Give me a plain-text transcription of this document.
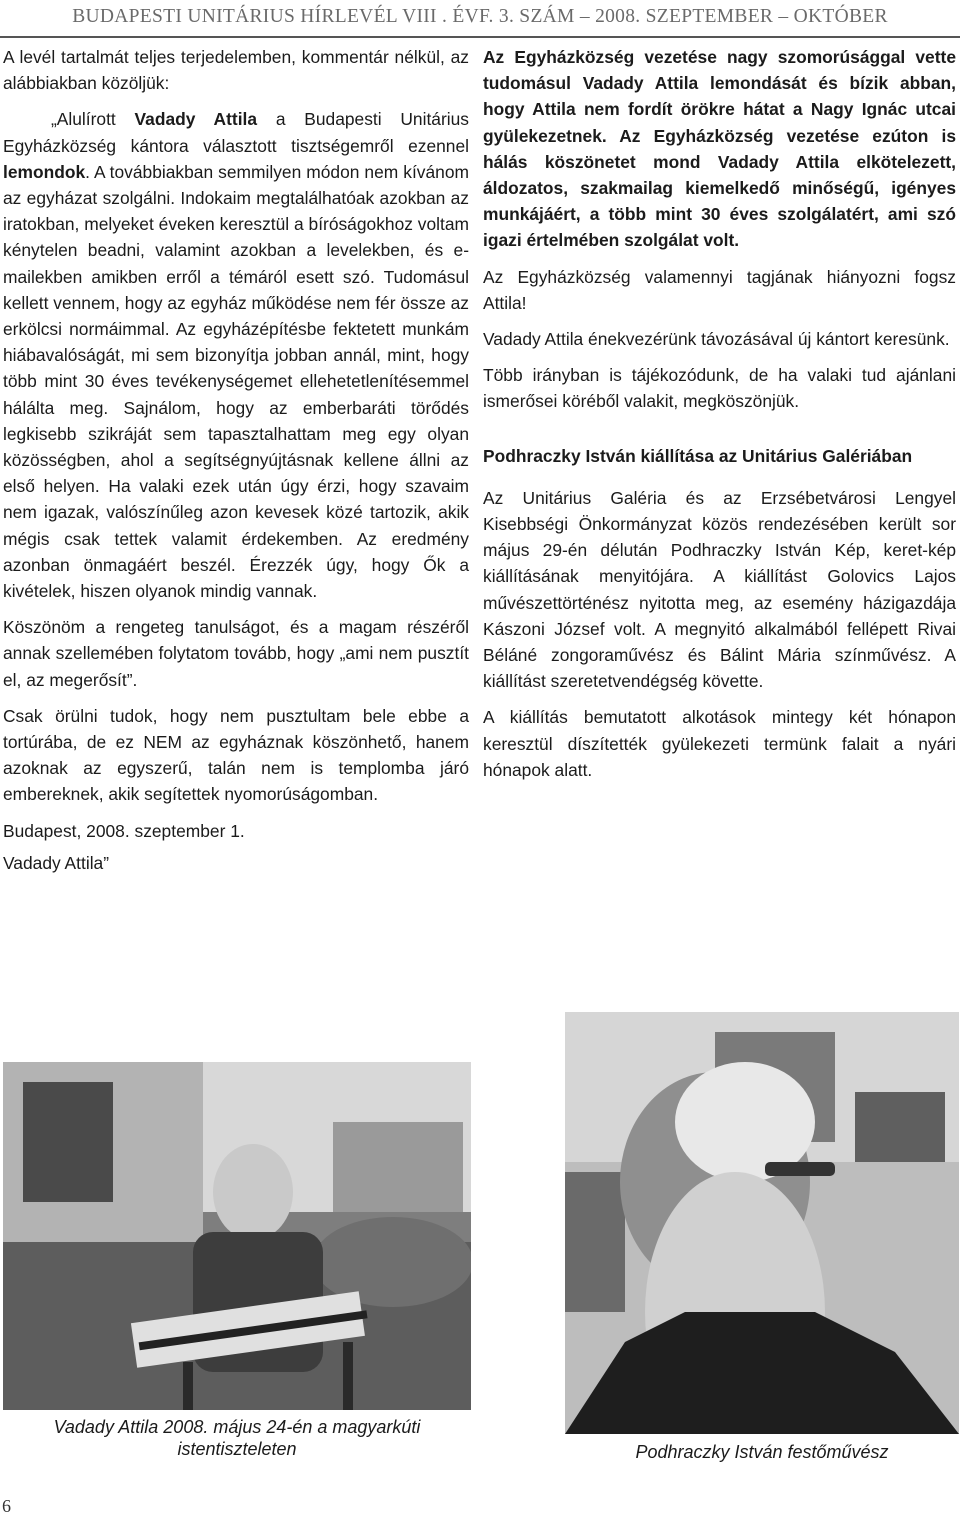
BUDAPESTI UNITÁRIUS HÍRLEVÉL VIII . ÉVF. 3. SZÁM – 2008. SZEPTEMBER – OKTÓBER

A levél tartalmát teljes terjedelemben, kommentár nélkül, az alábbiakban közöljük:

„Alulírott Vadady Attila a Budapesti Unitárius Egyházközség kántora választott tisztségemről ezennel lemondok. A továbbiakban semmilyen módon nem kívánom az egyházat szolgálni. Indokaim megtalálhatóak azokban az iratokban, melyeket éveken keresztül a bíróságokhoz voltam kénytelen beadni, valamint azokban a levelekben, és e-mailekben amikben erről a témáról esett szó. Tudomásul kellett vennem, hogy az egyház működése nem fér össze az erkölcsi normáimmal. Az egyházépítésbe fektetett munkám hiábavalóságát, mi sem bizonyítja jobban annál, mint, hogy több mint 30 éves tevékenységemet ellehetetlenítésemmel hálálta meg. Sajnálom, hogy az emberbaráti törődés legkisebb szikráját sem tapasztalhattam meg egy olyan közösségben, ahol a segítségnyújtásnak kellene állni az első helyen. Ha valaki ezek után úgy érzi, hogy szavaim nem igazak, valószínűleg azon kevesek közé tartozik, akik mégis csak tettek valamit érdekemben. Az eredmény azonban önmagáért beszél. Érezzék úgy, hogy Ők a kivételek, hiszen olyanok mindig vannak.

Köszönöm a rengeteg tanulságot, és a magam részéről annak szellemében folytatom tovább, hogy „ami nem pusztít el, az megerősít”.

Csak örülni tudok, hogy nem pusztultam bele ebbe a tortúrába, de ez NEM az egyháznak köszönhető, hanem azoknak az egyszerű, talán nem is templomba járó embereknek, akik segítettek nyomorúságomban.

Budapest, 2008. szeptember 1.

Vadady Attila”

Az Egyházközség vezetése nagy szomorúsággal vette tudomásul Vadady Attila lemondását és bízik abban, hogy Attila nem fordít örökre hátat a Nagy Ignác utcai gyülekezetnek. Az Egyházközség vezetése ezúton is hálás köszönetet mond Vadady Attila elkötelezett, áldozatos, szakmailag kiemelkedő minőségű, igényes munkájáért, a több mint 30 éves szolgálatért, ami szó igazi értelmében szolgálat volt.

Az Egyházközség valamennyi tagjának hiányozni fogsz Attila!

Vadady Attila énekvezérünk távozásával új kántort keresünk.

Több irányban is tájékozódunk, de ha valaki tud ajánlani ismerősei köréből valakit, megköszönjük.

Podhraczky István kiállítása az Unitárius Galériában

Az Unitárius Galéria és az Erzsébetvárosi Lengyel Kisebbségi Önkormányzat közös rendezésében került sor május 29-én délután Podhraczky István Kép, keret-kép kiállításának menyitójára. A kiállítást Golovics Lajos művészettörténész nyitotta meg, az esemény házigazdája Kászoni József volt. A megnyitó alkalmából fellépett Rivai Béláné zongoraművész és Bálint Mária színművész. A kiállítást szeretetvendégség követte.

A kiállítás bemutatott alkotások mintegy két hónapon keresztül díszítették gyülekezeti termünk falait a nyári hónapok alatt.

Vadady Attila 2008. május 24-én a magyarkúti istentiszteleten	Podhraczky István festőművész
6
